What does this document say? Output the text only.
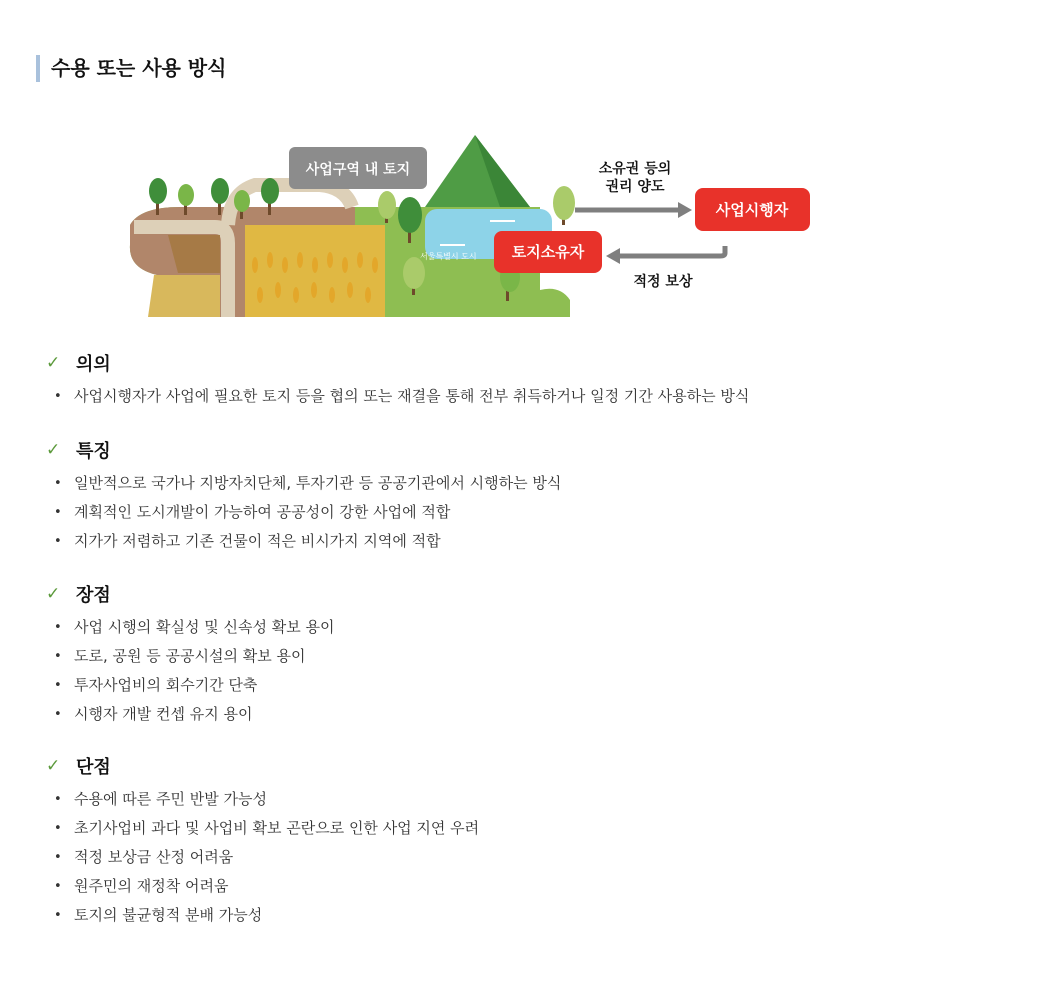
수용 또는 사용 방식
서울특별시 도시
사업구역 내 토지	소유권 등의
권리 양도
사업시행자
적정 보상
토지소유자
✓ 의의
• 사업시행자가 사업에 필요한 토지 등을 협의 또는 재결을 통해 전부 취득하거나 일정 기간 사용하는 방식
✓ 특징
• 일반적으로 국가나 지방자치단체, 투자기관 등 공공기관에서 시행하는 방식
• 계획적인 도시개발이 가능하여 공공성이 강한 사업에 적합
• 지가가 저렴하고 기존 건물이 적은 비시가지 지역에 적합
✓ 장점
• 사업 시행의 확실성 및 신속성 확보 용이
• 도로, 공원 등 공공시설의 확보 용이
• 투자사업비의 회수기간 단축
• 시행자 개발 컨셉 유지 용이
✓ 단점
• 수용에 따른 주민 반발 가능성
• 초기사업비 과다 및 사업비 확보 곤란으로 인한 사업 지연 우려
• 적정 보상금 산정 어려움
• 원주민의 재정착 어려움
• 토지의 불균형적 분배 가능성
